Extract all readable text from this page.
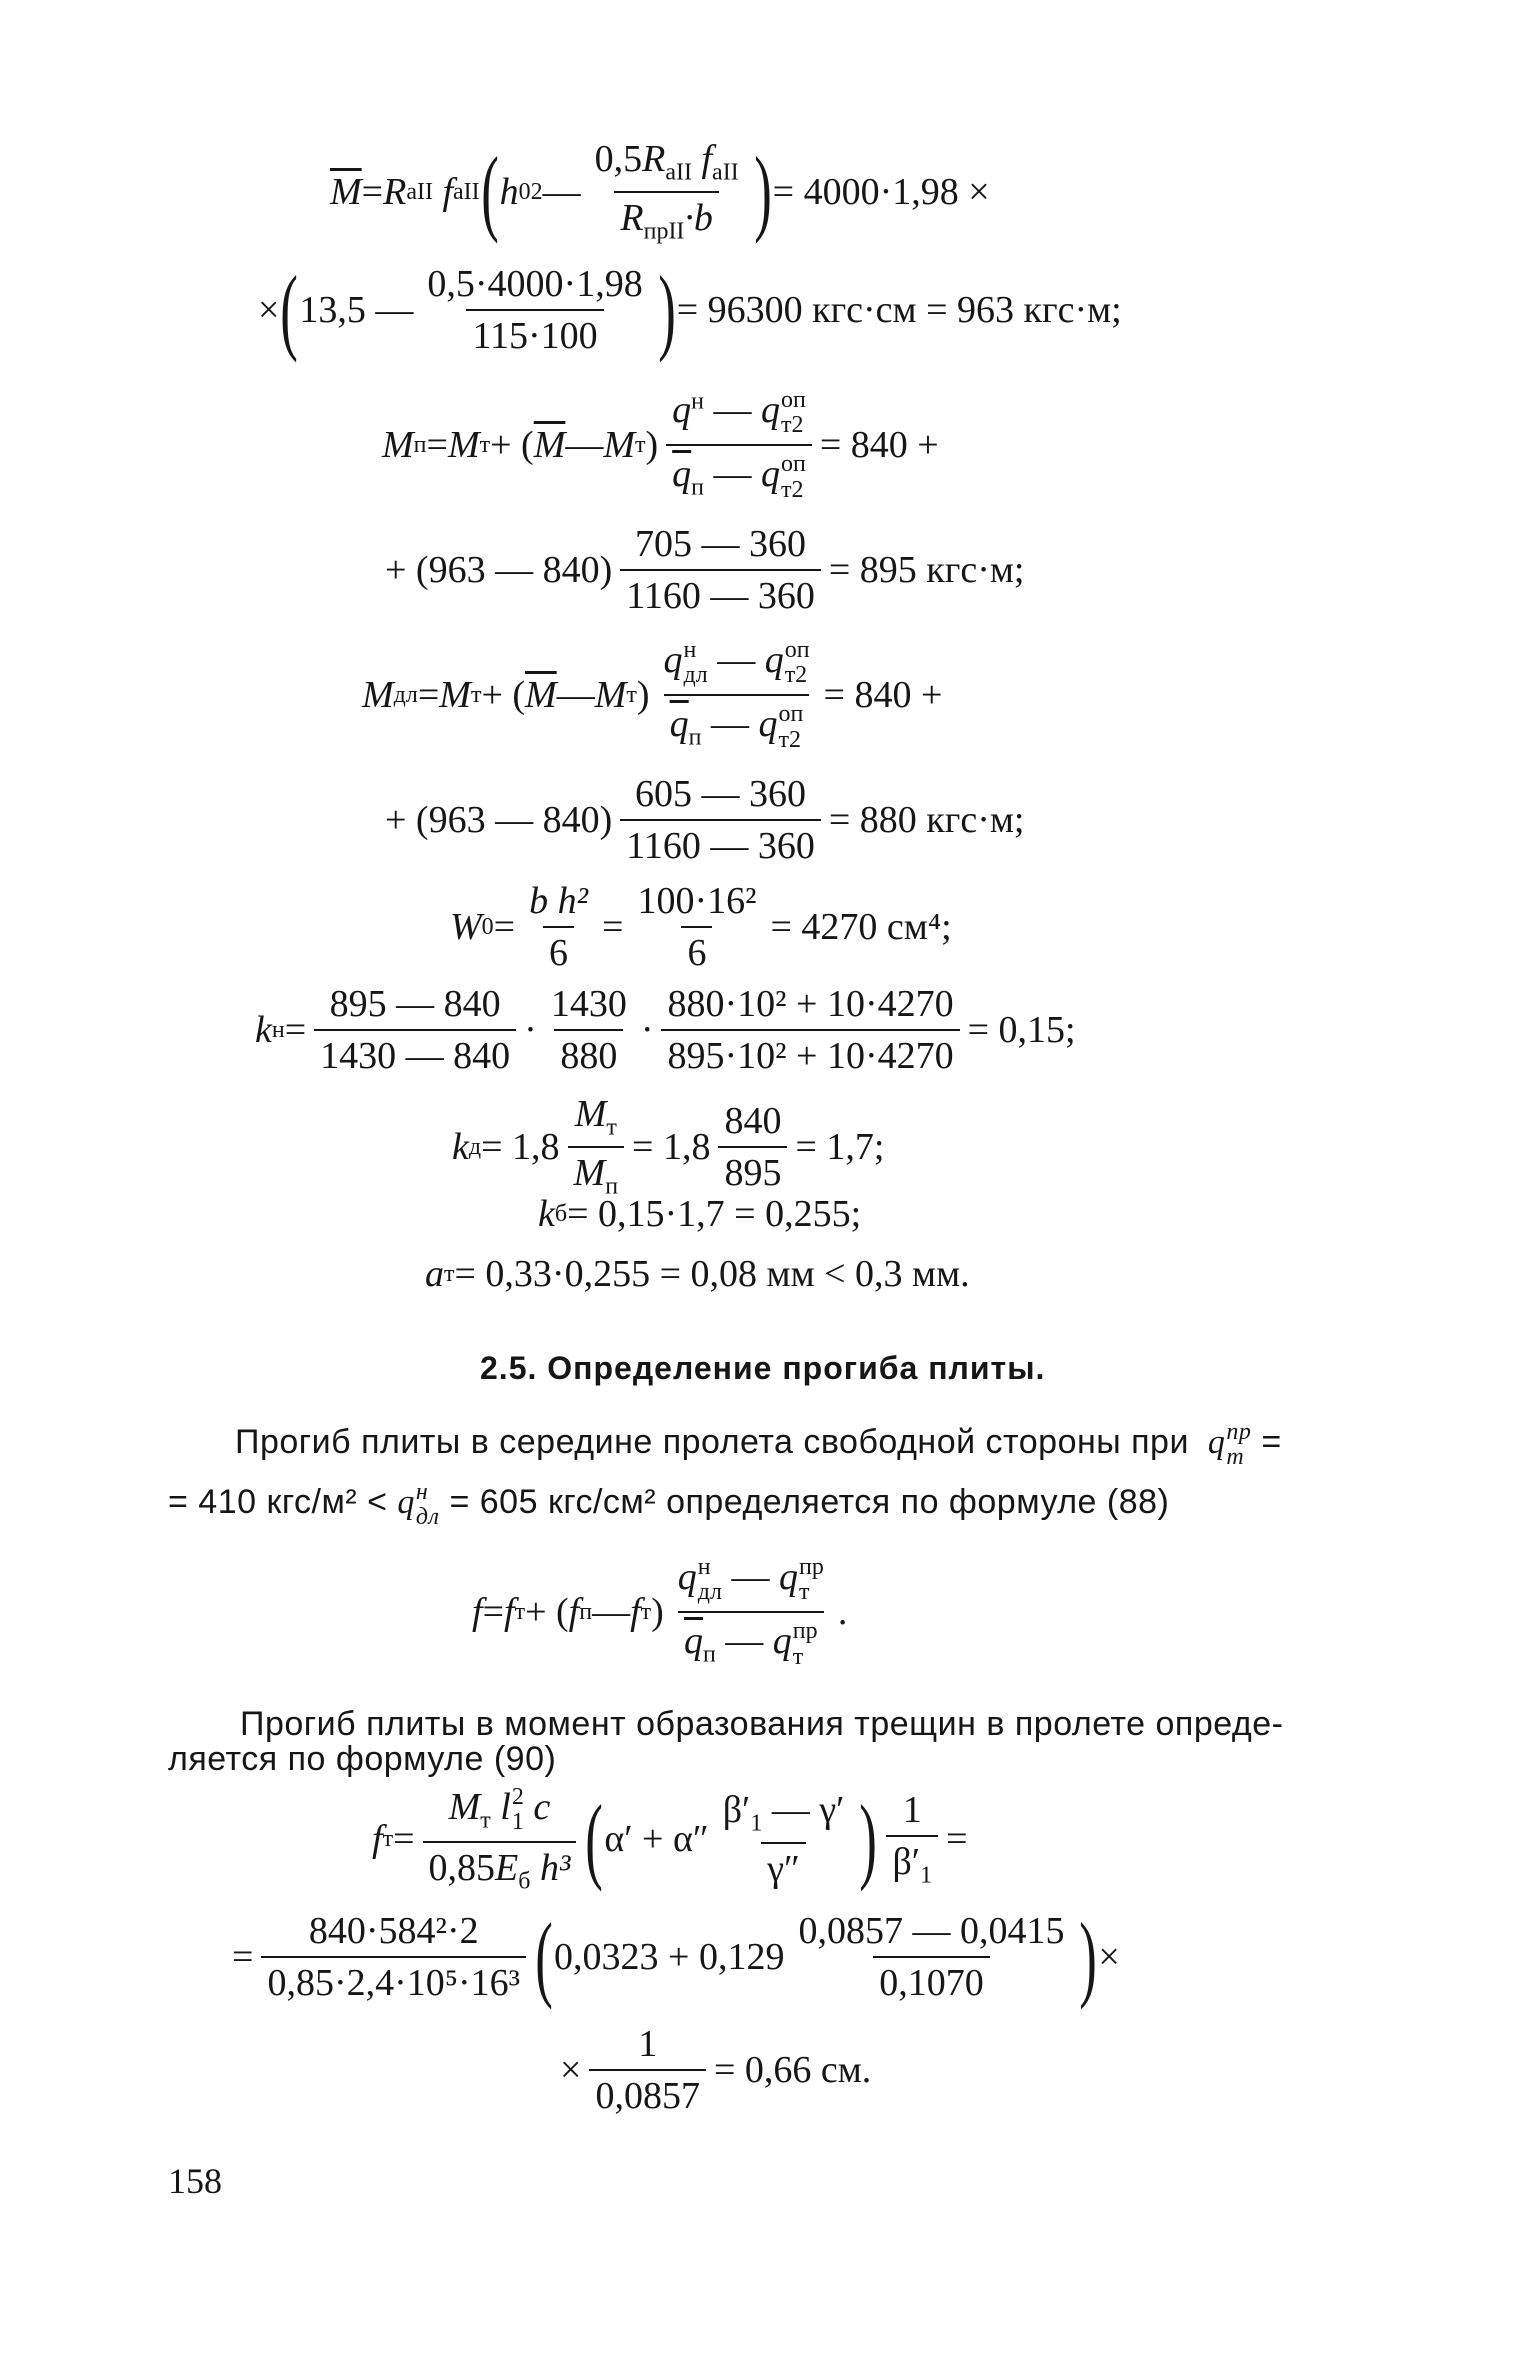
$\overline{M} = R$ aII
f aII ( h 02 —
$0,5R_{aII}$ $f_{aII}$
$R_{прII}\cdot b$ ) = 4000·1,98 ×
× ( 13,5 — $\frac{0,5\cdot 4000\cdot 1,98}{115\cdot 100}$ ) = 96300 кгс·см = 963 кгс·м;
M п = M т + ( $\overline{M}$ — M т )
$q^н$ — q оп
т2
$\overline{q}_п$ — q оп
т2
= 840 +
+ (963 — $840) \frac{705 — 360}{1160 — 360} = 895$ кгс·м;
M дл = M т + ( $\overline{M}$ — M т )
q н
дл — q оп
т2
$\overline{q}_п$ — q оп
т2
= 840 +
+ (963 — $840) \frac{605 — 360}{1160 — 360} = 880$ кгс·м;
W $0 = \frac{\text{b h²}}{6} = \frac{\text{100·16²}}{6} = 4270$ см⁴;
k $н = \frac{895 — 840}{1430 — 840} \cdot \frac{1430}{880} \cdot \frac{\text{880·10² + 10·4270}}{\text{895·10² + 10·4270}} = 0,15$;
k д = 1,8
$M_т$
$M_п$
= $1,8 \frac{840}{895} = 1,7$;
k б = 0,15·1,7 = 0,255;
a т = 0,33·0,255 = 0,08 мм < 0,3 мм.
2.5. Определение прогиба плиты.
Прогиб плиты в середине пролета свободной стороны при  q пр
т =
= 410 кгс/м² < q н
дл = 605 кгс/см² определяется по формуле (88)
f = f т + ( f п — f т )
q н
дл — q пр
т
$\overline{q}_п$ — q пр
т
.
Прогиб плиты в момент образования трещин в пролете опреде-
ляется по формуле (90)
f т =
$M_т$ l 2
1 c
$0,85E_б$ h³ ( $\alpha' + \alpha'' \frac{\beta'_1 — \gamma'}{\gamma''}$ ) $\frac{1}{\beta'_1}$ =
= $\frac{\text{840·584²·2}}{\text{0,85·2,4·10⁵·16³}}$ ( $0,0323 + 0,129 \frac{0,0857 — 0,0415}{0,1070}$ ) ×
× $\frac{1}{0,0857} = 0,66$ см.
158
